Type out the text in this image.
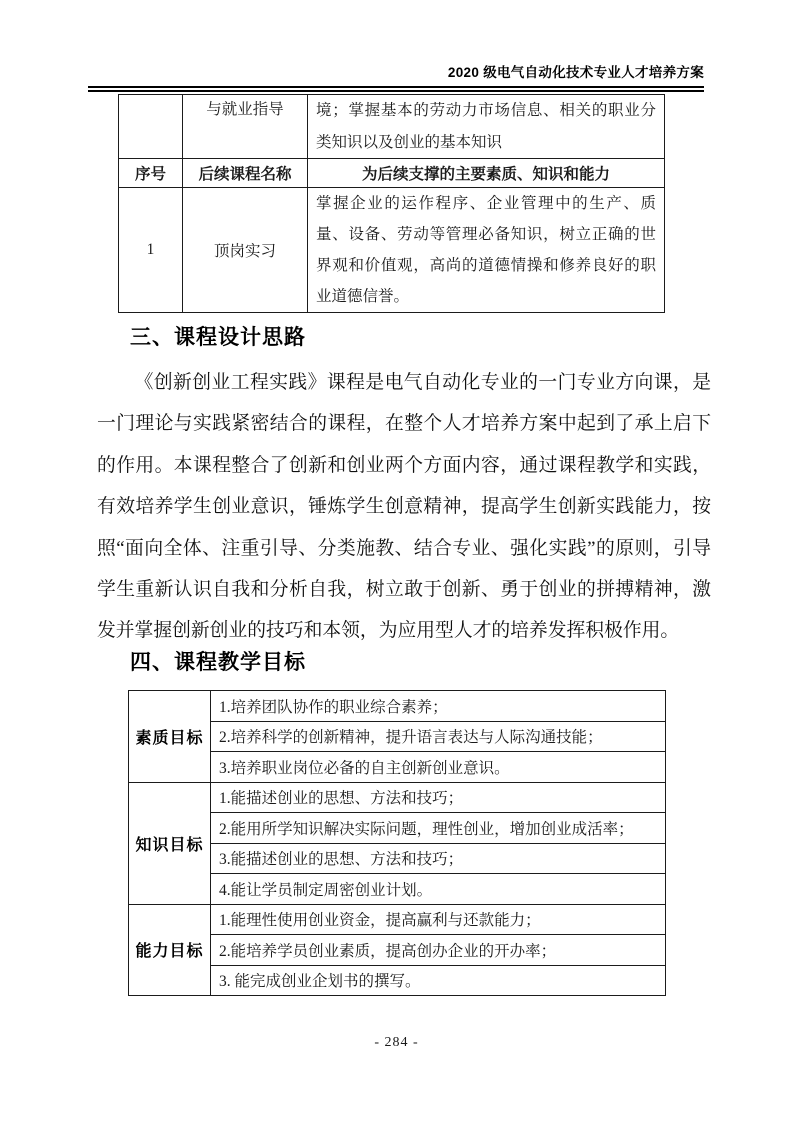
2020 级电气自动化技术专业人才培养方案
	与就业指导	境；掌握基本的劳动力市场信息、相关的职业分类知识以及创业的基本知识
序号	后续课程名称	为后续支撑的主要素质、知识和能力
1	顶岗实习	掌握企业的运作程序、企业管理中的生产、质量、设备、劳动等管理必备知识，树立正确的世界观和价值观，高尚的道德情操和修养良好的职业道德信誉。
三、课程设计思路

《创新创业工程实践》课程是电气自动化专业的一门专业方向课，是一门理论与实践紧密结合的课程，在整个人才培养方案中起到了承上启下的作用。本课程整合了创新和创业两个方面内容，通过课程教学和实践，有效培养学生创业意识，锤炼学生创意精神，提高学生创新实践能力，按照“面向全体、注重引导、分类施教、结合专业、强化实践”的原则，引导学生重新认识自我和分析自我，树立敢于创新、勇于创业的拼搏精神，激发并掌握创新创业的技巧和本领，为应用型人才的培养发挥积极作用。

四、课程教学目标
素质目标	1.培养团队协作的职业综合素养；
	2.培养科学的创新精神，提升语言表达与人际沟通技能；
	3.培养职业岗位必备的自主创新创业意识。
知识目标	1.能描述创业的思想、方法和技巧；
	2.能用所学知识解决实际问题，理性创业，增加创业成活率；
	3.能描述创业的思想、方法和技巧；
	4.能让学员制定周密创业计划。
能力目标	1.能理性使用创业资金，提高赢利与还款能力；
	2.能培养学员创业素质，提高创办企业的开办率；
	3. 能完成创业企划书的撰写。
- 284 -
